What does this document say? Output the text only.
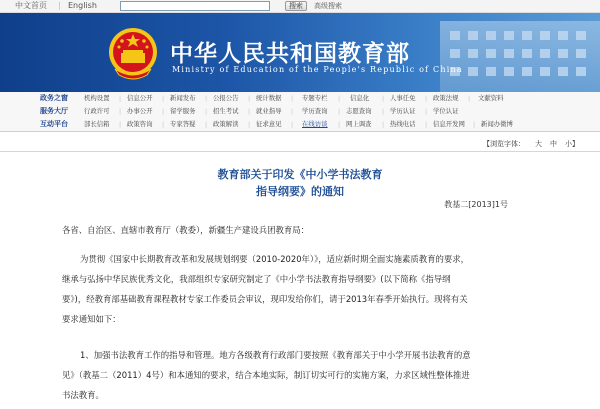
中文首页 | English	搜索	高级搜索
中华人民共和国教育部
Ministry of Education of the People's Republic of China
政务之窗	机构设置 | 信息公开 | 新闻发布 | 公报公告 | 统计数据 | 专题专栏 | 信息化 | 人事任免 | 政策法规 | 文献资料
服务大厅	行政许可 | 办事公开 | 留学服务 | 招生考试 | 就业指导 | 学历查询 | 志愿查询 | 学历认证 | 学位认证
互动平台	部长信箱 | 政策咨询 | 专家答疑 | 政策解读 | 征求意见 | 在线访谈 | 网上调查 | 热线电话 | 信息开发网 | 新闻办微博
【浏览字体： 大 中 小】
教育部关于印发《中小学书法教育
指导纲要》的通知
教基二[2013]1号
各省、自治区、直辖市教育厅（教委），新疆生产建设兵团教育局：
为贯彻《国家中长期教育改革和发展规划纲要（2010-2020年）》，适应新时期全面实施素质教育的要求，
继承与弘扬中华民族优秀文化，我部组织专家研究制定了《中小学书法教育指导纲要》(以下简称《指导纲
要》)，经教育部基础教育课程教材专家工作委员会审议，现印发给你们，请于2013年春季开始执行。现将有关
要求通知如下：
1、加强书法教育工作的指导和管理。地方各级教育行政部门要按照《教育部关于中小学开展书法教育的意
见》（教基二（2011）4号）和本通知的要求，结合本地实际，制订切实可行的实施方案，力求区域性整体推进
书法教育。
